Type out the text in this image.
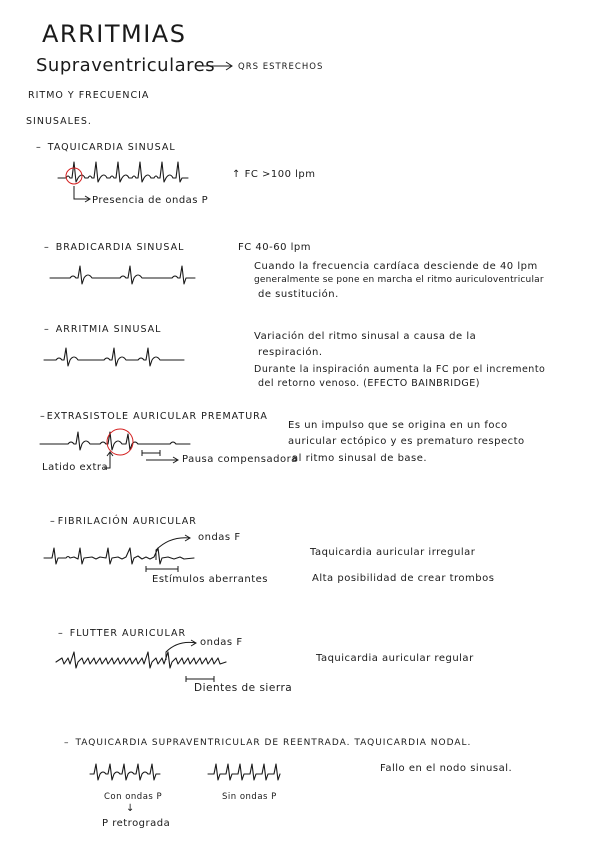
ARRITMIAS
Supraventriculares	QRS ESTRECHOS
RITMO Y FRECUENCIA
SINUSALES.
– TAQUICARDIA SINUSAL
↑ FC >100 lpm
Presencia de ondas P
– BRADICARDIA SINUSAL	FC 40-60 lpm
Cuando la frecuencia cardíaca desciende de 40 lpm
generalmente se pone en marcha el ritmo auriculoventricular
de sustitución.
– ARRITMIA SINUSAL
Variación del ritmo sinusal a causa de la
respiración.
Durante la inspiración aumenta la FC por el incremento
del retorno venoso. (EFECTO BAINBRIDGE)
–EXTRASISTOLE AURICULAR PREMATURA
Es un impulso que se origina en un foco
auricular ectópico y es prematuro respecto
al ritmo sinusal de base.
Latido extra
Pausa compensadora
– FIBRILACIÓN AURICULAR
ondas F
Estímulos aberrantes
Taquicardia auricular irregular
Alta posibilidad de crear trombos
– FLUTTER AURICULAR
ondas F
Taquicardia auricular regular
Dientes de sierra
– TAQUICARDIA SUPRAVENTRICULAR DE REENTRADA. TAQUICARDIA NODAL.
Fallo en el nodo sinusal.
Con ondas P	Sin ondas P
↓
P retrograda
